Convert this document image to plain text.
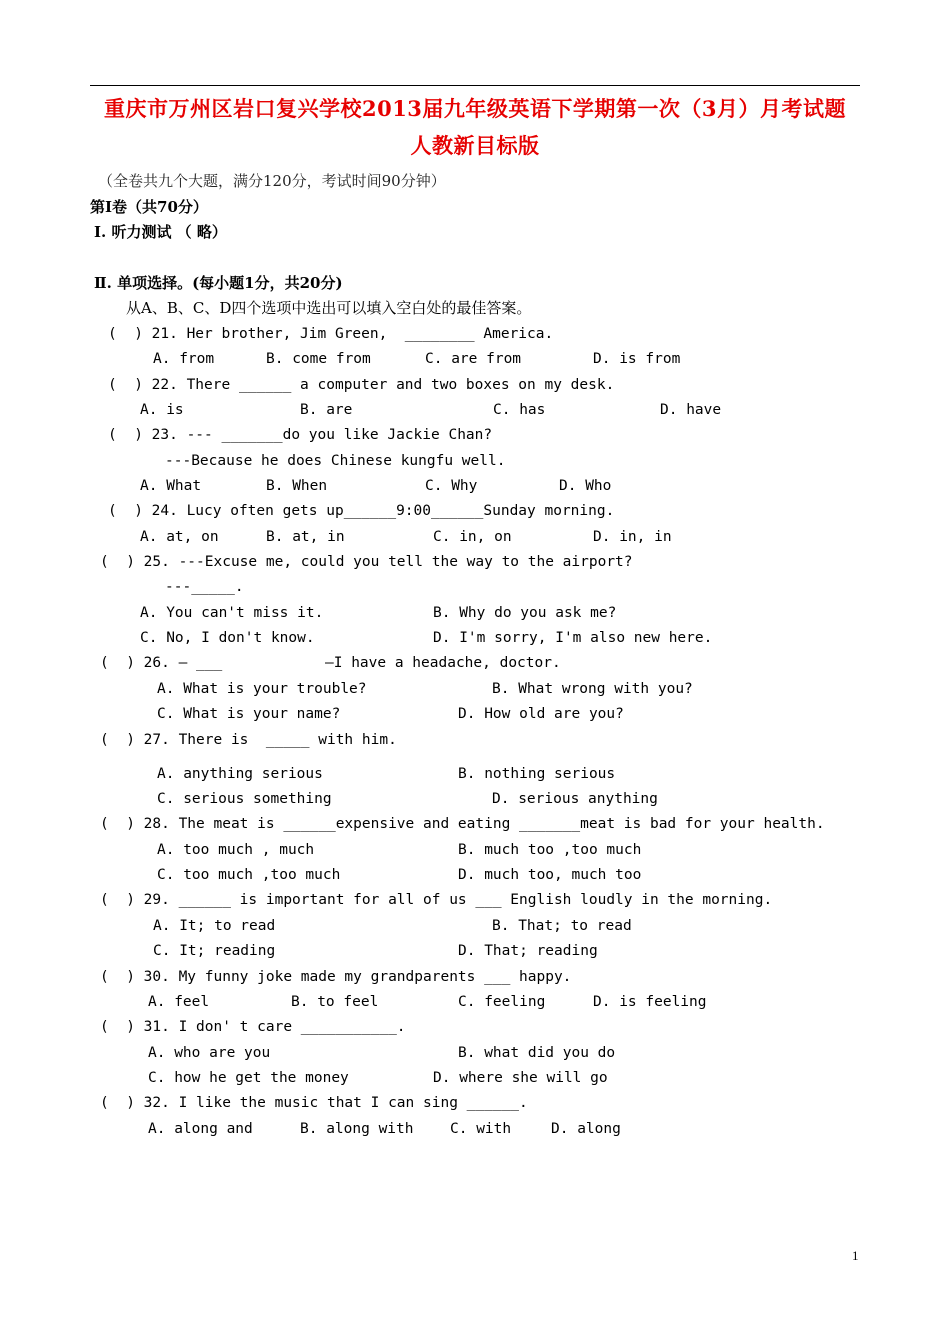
重庆市万州区岩口复兴学校2013届九年级英语下学期第一次（3月）月考试题
人教新目标版
（全卷共九个大题，满分120分，考试时间90分钟）
第Ⅰ卷（共70分）
Ⅰ. 听力测试 （ 略）
Ⅱ. 单项选择。(每小题1分，共20分)
从A、B、C、D四个选项中选出可以填入空白处的最佳答案。
(  ) 21. Her brother, Jim Green,  ________ America.
A. from	B. come from	C. are from	D. is from
(  ) 22. There ______ a computer and two boxes on my desk.
A. is	B. are	C. has	D. have
(  ) 23. --- _______do you like Jackie Chan?
---Because he does Chinese kungfu well.
A. What	B. When	C. Why	D. Who
(  ) 24. Lucy often gets up______9:00______Sunday morning.
A. at, on	B. at, in	C. in, on	D. in, in
(  ) 25. ---Excuse me, could you tell the way to the airport?
---_____.
A. You can't miss it.	B. Why do you ask me?
C. No, I don't know.	D. I'm sorry, I'm also new here.
(  ) 26. — ___	—I have a headache, doctor.
A. What is your trouble?	B. What wrong with you?
C. What is your name?	D. How old are you?
(  ) 27. There is  _____ with him.
A. anything serious	B. nothing serious
C. serious something	D. serious anything
(  ) 28. The meat is ______expensive and eating _______meat is bad for your health.
A. too much , much	B. much too ,too much
C. too much ,too much	D. much too, much too
(  ) 29. ______ is important for all of us ___ English loudly in the morning.
A. It; to read	B. That; to read
C. It; reading	D. That; reading
(  ) 30. My funny joke made my grandparents ___ happy.
A. feel	B. to feel	C. feeling	D. is feeling
(  ) 31. I don' t care ___________.
A. who are you	B. what did you do
C. how he get the money	D. where she will go
(  ) 32. I like the music that I can sing ______.
A. along and	B. along with	C. with	D. along
1
